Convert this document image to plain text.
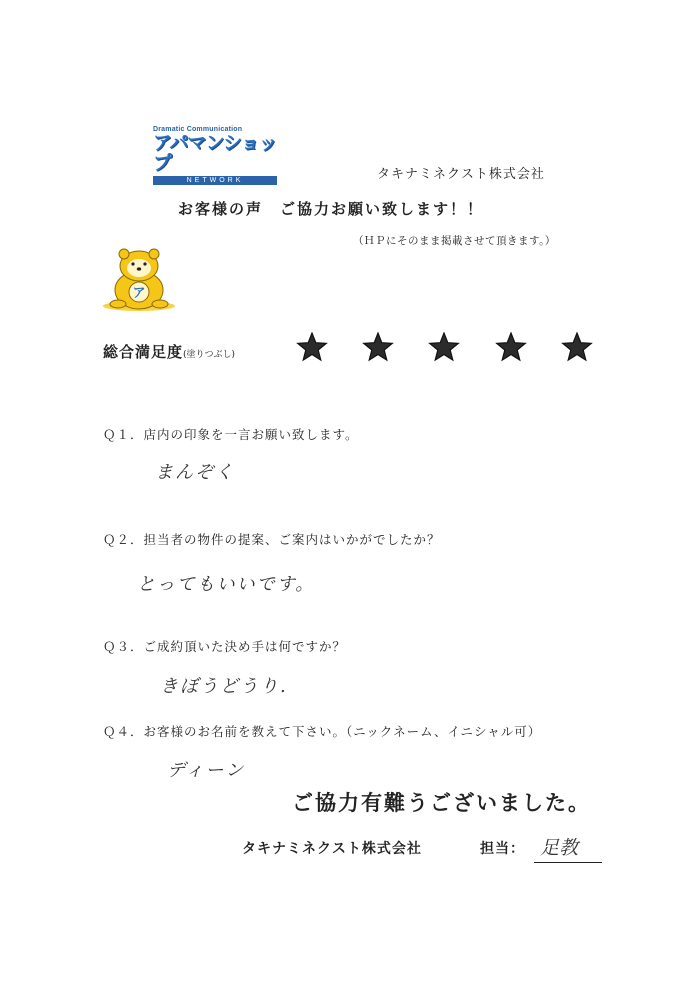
Dramatic Communication
アパマンショップ
NETWORK	タキナミネクスト株式会社
お客様の声　ご協力お願い致します！！
（ＨＰにそのまま掲載させて頂きます。）
ア
総合満足度(塗りつぶし)
Ｑ１．店内の印象を一言お願い致します。
まんぞく
Ｑ２．担当者の物件の提案、ご案内はいかがでしたか？
とってもいいです。
Ｑ３．ご成約頂いた決め手は何ですか？
きぼうどうり.
Ｑ４．お客様のお名前を教えて下さい。（ニックネーム、イニシャル可）
ディーン
ご協力有難うございました。
タキナミネクスト株式会社	担当： 足教
